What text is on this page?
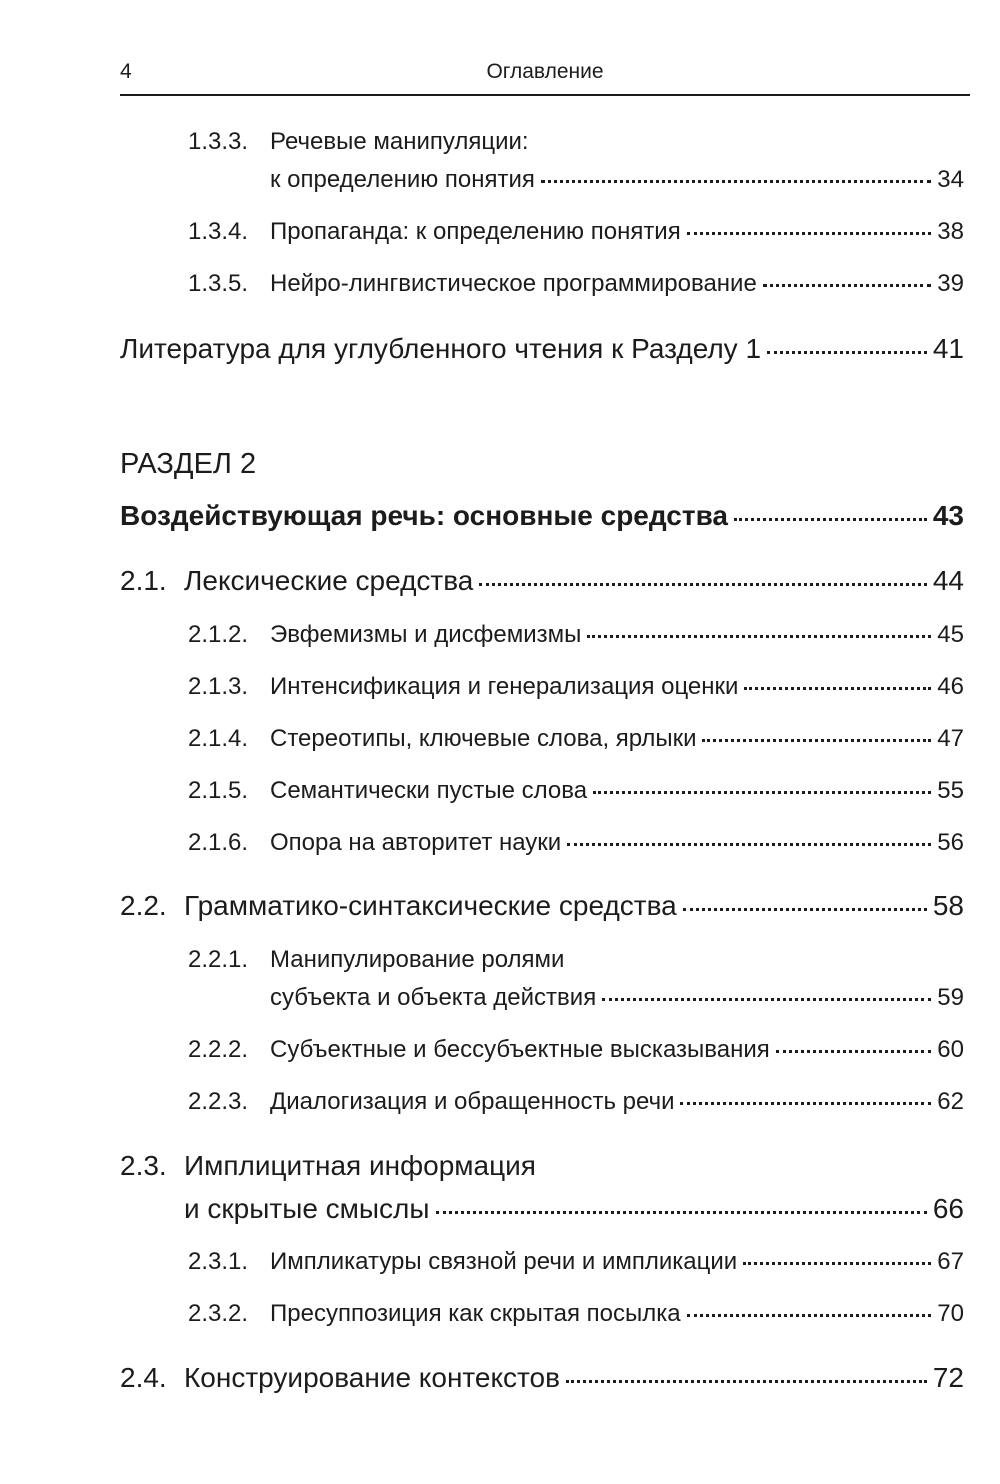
4	Оглавление
1.3.3. Речевые манипуляции:
к определению понятия	34
1.3.4. Пропаганда: к определению понятия	38
1.3.5. Нейро-лингвистическое программирование	39
Литература для углубленного чтения к Разделу 1	41
РАЗДЕЛ 2
Воздействующая речь: основные средства	43
2.1. Лексические средства	44
2.1.2. Эвфемизмы и дисфемизмы	45
2.1.3. Интенсификация и генерализация оценки	46
2.1.4. Стереотипы, ключевые слова, ярлыки	47
2.1.5. Семантически пустые слова	55
2.1.6. Опора на авторитет науки	56
2.2. Грамматико-синтаксические средства	58
2.2.1. Манипулирование ролями
субъекта и объекта действия	59
2.2.2. Субъектные и бессубъектные высказывания	60
2.2.3. Диалогизация и обращенность речи	62
2.3. Имплицитная информация
и скрытые смыслы	66
2.3.1. Импликатуры связной речи и импликации	67
2.3.2. Пресуппозиция как скрытая посылка	70
2.4. Конструирование контекстов	72
